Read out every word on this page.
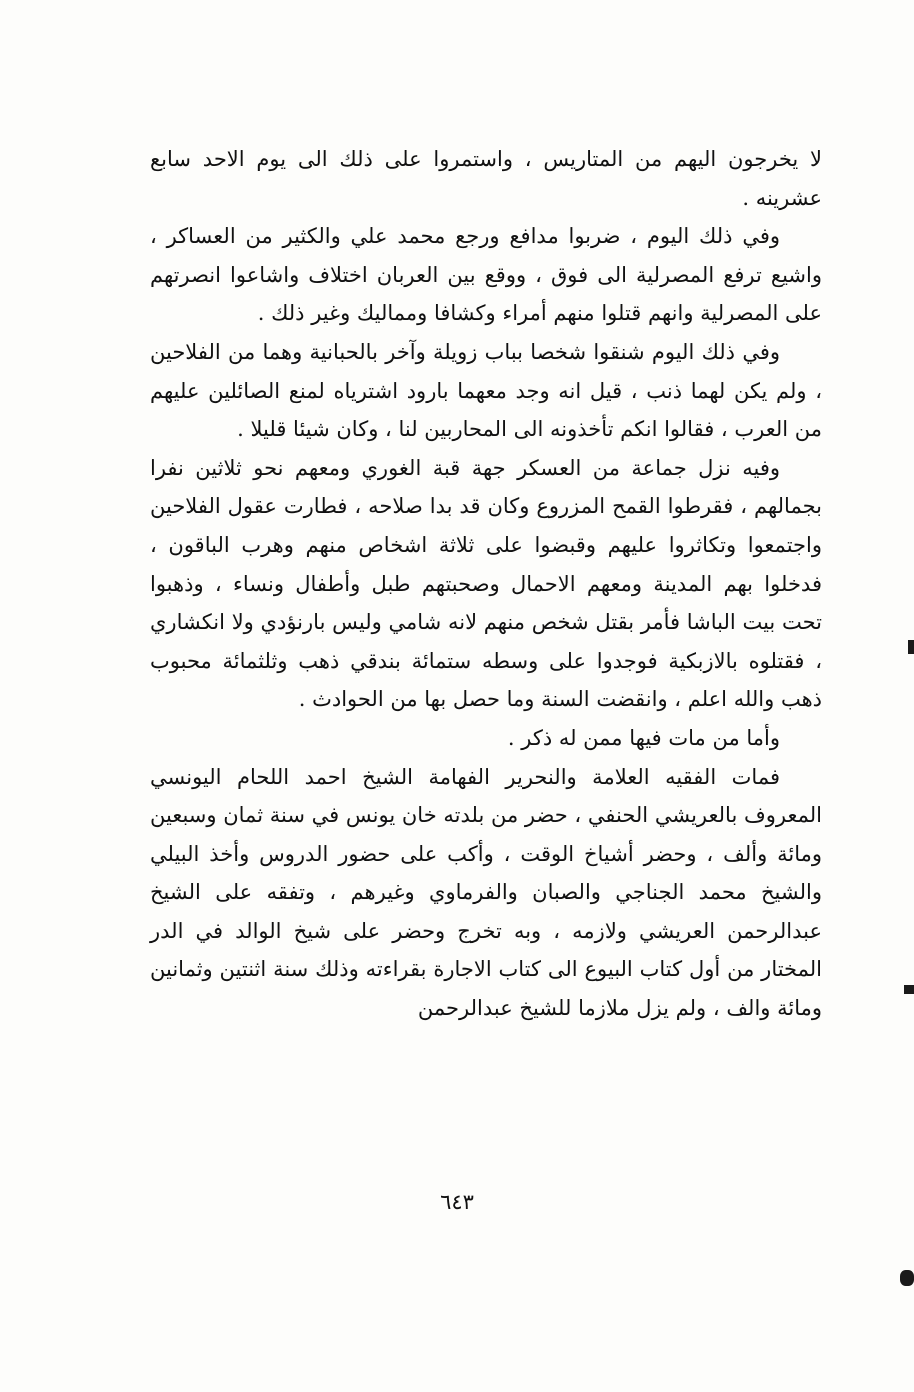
لا يخرجون اليهم من المتاريس ، واستمروا على ذلك الى يوم الاحد سابع عشرينه .

وفي ذلك اليوم ، ضربوا مدافع ورجع محمد علي والكثير من العساكر ، واشيع ترفع المصرلية الى فوق ، ووقع بين العربان اختلاف واشاعوا انصرتهم على المصرلية وانهم قتلوا منهم أمراء وكشافا ومماليك وغير ذلك .

وفي ذلك اليوم شنقوا شخصا بباب زويلة وآخر بالحبانية وهما من الفلاحين ، ولم يكن لهما ذنب ، قيل انه وجد معهما بارود اشترياه لمنع الصائلين عليهم من العرب ، فقالوا انكم تأخذونه الى المحاربين لنا ، وكان شيئا قليلا .

وفيه نزل جماعة من العسكر جهة قبة الغوري ومعهم نحو ثلاثين نفرا بجمالهم ، فقرطوا القمح المزروع وكان قد بدا صلاحه ، فطارت عقول الفلاحين واجتمعوا وتكاثروا عليهم وقبضوا على ثلاثة اشخاص منهم وهرب الباقون ، فدخلوا بهم المدينة ومعهم الاحمال وصحبتهم طبل وأطفال ونساء ، وذهبوا تحت بيت الباشا فأمر بقتل شخص منهم لانه شامي وليس بارنؤدي ولا انكشاري ، فقتلوه بالازبكية فوجدوا على وسطه ستمائة بندقي ذهب وثلثمائة محبوب ذهب والله اعلم ، وانقضت السنة وما حصل بها من الحوادث .

وأما من مات فيها ممن له ذكر .

فمات الفقيه العلامة والنحرير الفهامة الشيخ احمد اللحام اليونسي المعروف بالعريشي الحنفي ، حضر من بلدته خان يونس في سنة ثمان وسبعين ومائة وألف ، وحضر أشياخ الوقت ، وأكب على حضور الدروس وأخذ البيلي والشيخ محمد الجناجي والصبان والفرماوي وغيرهم ، وتفقه على الشيخ عبدالرحمن العريشي ولازمه ، وبه تخرج وحضر على شيخ الوالد في الدر المختار من أول كتاب البيوع الى كتاب الاجارة بقراءته وذلك سنة اثنتين وثمانين ومائة والف ، ولم يزل ملازما للشيخ عبدالرحمن

٦٤٣
